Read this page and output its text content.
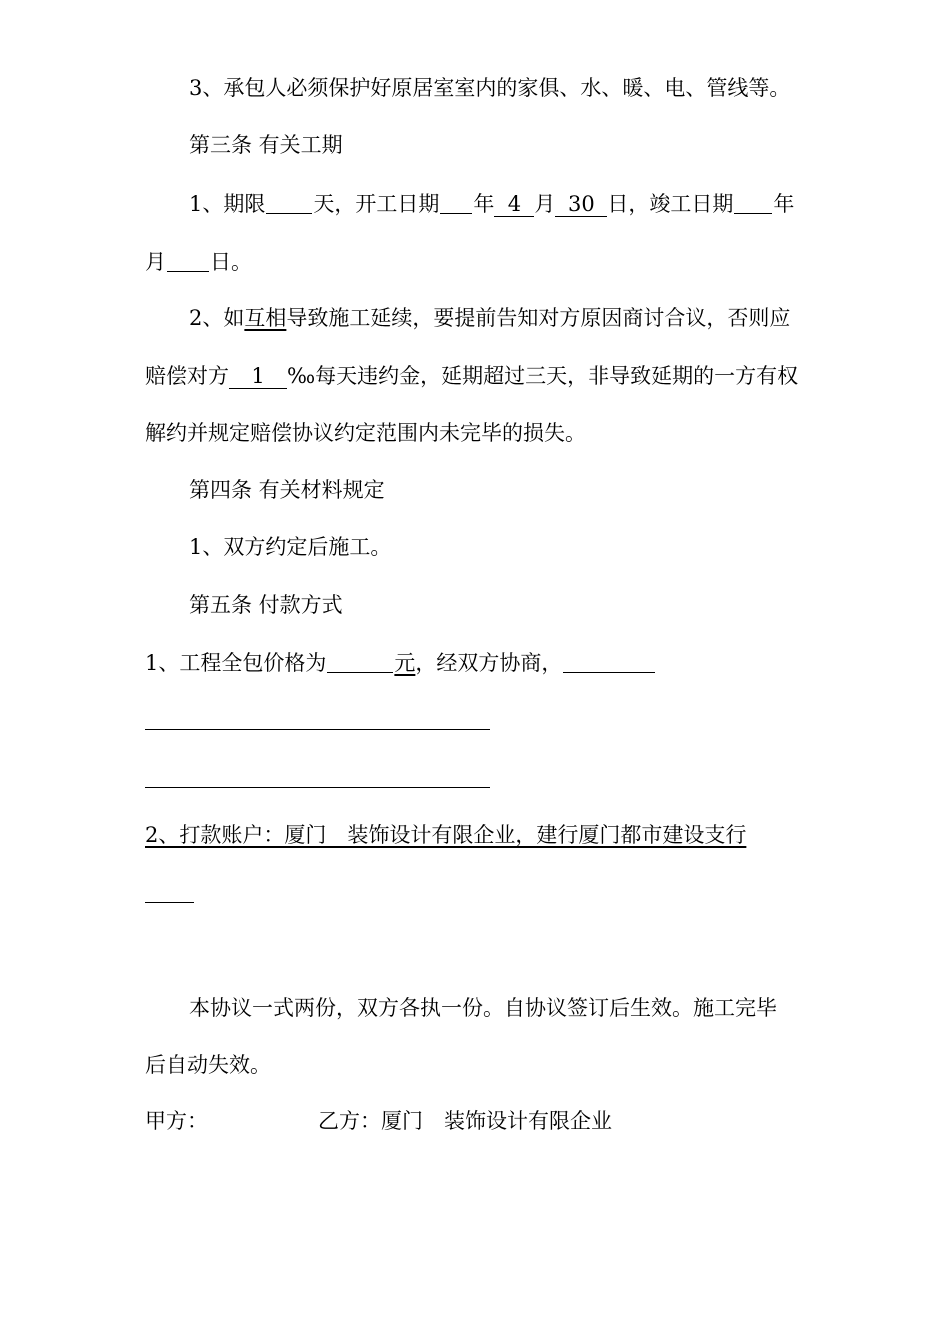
3、承包人必须保护好原居室室内的家俱、水、暖、电、管线等。
第三条 有关工期
1、期限 天，开工日期 年 4 月 30 日，竣工日期 年
月 日。
2、如互相导致施工延续，要提前告知对方原因商讨合议，否则应
赔偿对方 1 ‰每天违约金，延期超过三天，非导致延期的一方有权
解约并规定赔偿协议约定范围内未完毕的损失。
第四条 有关材料规定
1、双方约定后施工。
第五条 付款方式
1、工程全包价格为	元，经双方协商，
2、打款账户：厦门　装饰设计有限企业，建行厦门都市建设支行
本协议一式两份，双方各执一份。自协议签订后生效。施工完毕
后自动失效。
甲方：	乙方：厦门　装饰设计有限企业
